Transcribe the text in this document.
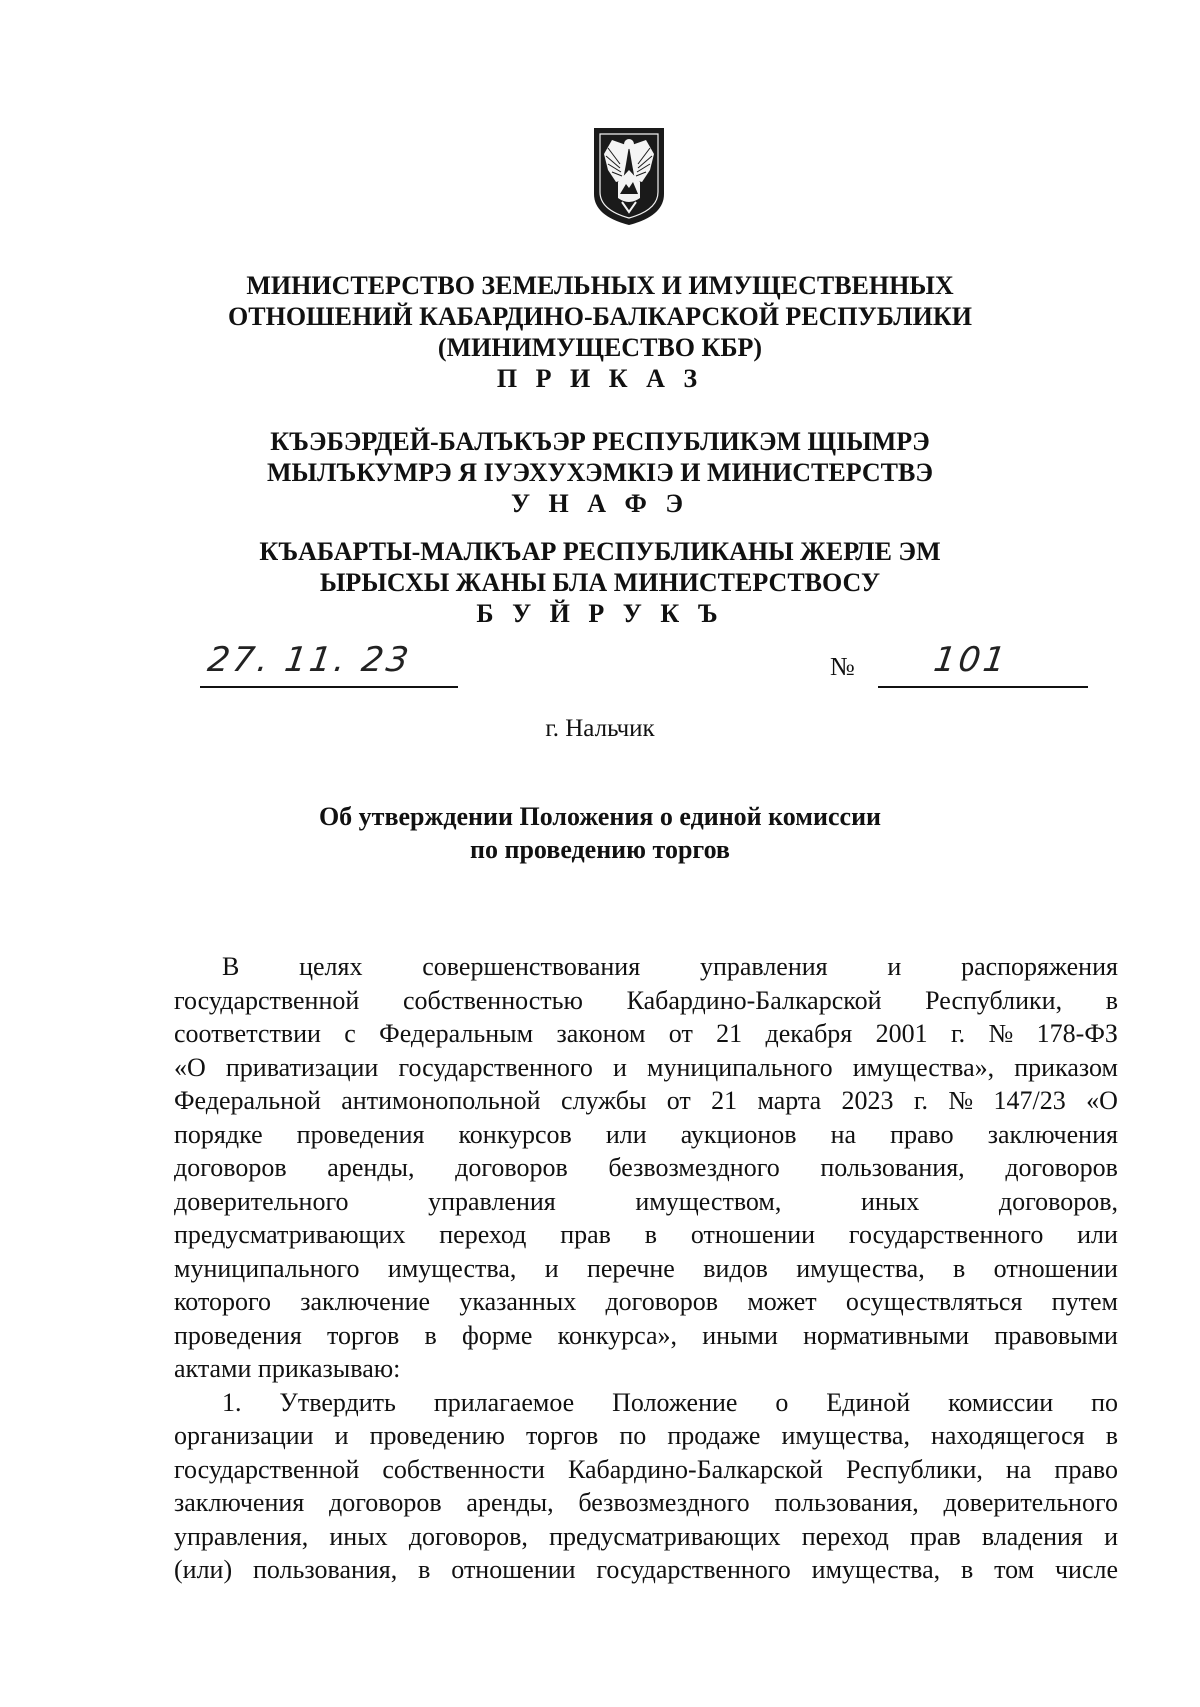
МИНИСТЕРСТВО ЗЕМЕЛЬНЫХ И ИМУЩЕСТВЕННЫХ
ОТНОШЕНИЙ КАБАРДИНО-БАЛКАРСКОЙ РЕСПУБЛИКИ
(МИНИМУЩЕСТВО КБР)
П Р И К А З
КЪЭБЭРДЕЙ-БАЛЪКЪЭР РЕСПУБЛИКЭМ ЩIЫМРЭ
МЫЛЪКУМРЭ Я IУЭХУХЭМКIЭ И МИНИСТЕРСТВЭ
У Н А Ф Э
КЪАБАРТЫ-МАЛКЪАР РЕСПУБЛИКАНЫ ЖЕРЛЕ ЭМ
ЫРЫСХЫ ЖАНЫ БЛА МИНИСТЕРСТВОСУ
Б У Й Р У К Ъ
27. 11. 23	№ 101
г. Нальчик
Об утверждении Положения о единой комиссии
по проведению торгов
В целях совершенствования управления и распоряжения
государственной собственностью Кабардино-Балкарской Республики, в
соответствии с Федеральным законом от 21 декабря 2001 г. № 178-ФЗ
«О приватизации государственного и муниципального имущества», приказом
Федеральной антимонопольной службы от 21 марта 2023 г. № 147/23 «О
порядке проведения конкурсов или аукционов на право заключения
договоров аренды, договоров безвозмездного пользования, договоров
доверительного	управления	имуществом,	иных	договоров,
предусматривающих переход прав в отношении государственного или
муниципального имущества, и перечне видов имущества, в отношении
которого заключение указанных договоров может осуществляться путем
проведения торгов в форме конкурса», иными нормативными правовыми
актами приказываю:
1. Утвердить прилагаемое Положение о Единой комиссии по
организации и проведению торгов по продаже имущества, находящегося в
государственной собственности Кабардино-Балкарской Республики, на право
заключения договоров аренды, безвозмездного пользования, доверительного
управления, иных договоров, предусматривающих переход прав владения и
(или) пользования, в отношении государственного имущества, в том числе
